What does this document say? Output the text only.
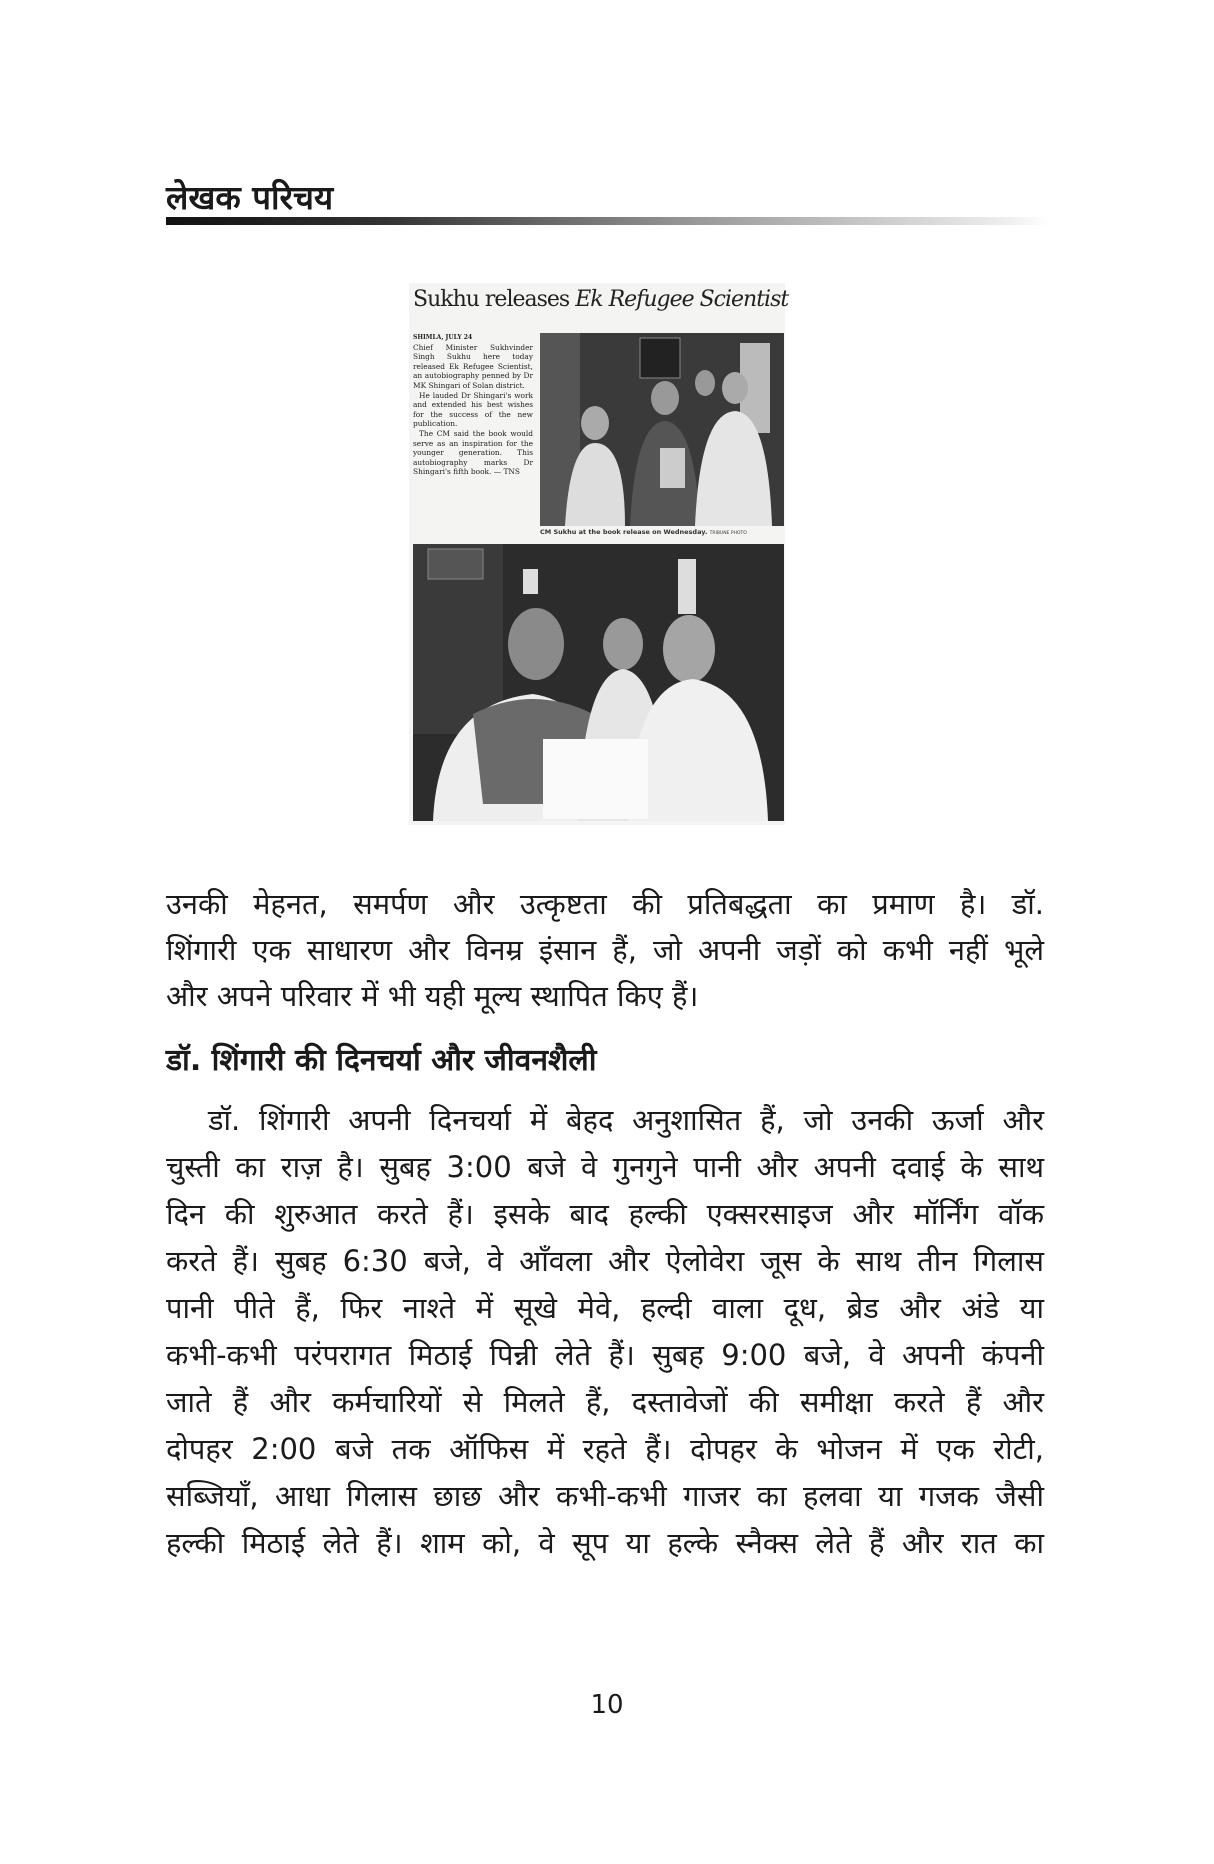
लेखक परिचय
Sukhu releases Ek Refugee Scientist
SHIMLA, JULY 24

Chief Minister Sukhvinder Singh Sukhu here today released Ek Refugee Scientist, an autobiography penned by Dr MK Shingari of Solan district.

He lauded Dr Shingari's work and extended his best wishes for the success of the new publication.

The CM said the book would serve as an inspiration for the younger generation. This autobiography marks Dr Shingari's fifth book. — TNS

CM Sukhu at the book release on Wednesday. TRIBUNE PHOTO
उनकी मेहनत, समर्पण और उत्कृष्टता की प्रतिबद्धता का प्रमाण है। डॉ.
शिंगारी एक साधारण और विनम्र इंसान हैं, जो अपनी जड़ों को कभी नहीं भूले
और अपने परिवार में भी यही मूल्य स्थापित किए हैं।
डॉ. शिंगारी की दिनचर्या और जीवनशैली
डॉ. शिंगारी अपनी दिनचर्या में बेहद अनुशासित हैं, जो उनकी ऊर्जा और
चुस्ती का राज़ है। सुबह 3:00 बजे वे गुनगुने पानी और अपनी दवाई के साथ
दिन की शुरुआत करते हैं। इसके बाद हल्की एक्सरसाइज और मॉर्निंग वॉक
करते हैं। सुबह 6:30 बजे, वे आँवला और ऐलोवेरा जूस के साथ तीन गिलास
पानी पीते हैं, फिर नाश्ते में सूखे मेवे, हल्दी वाला दूध, ब्रेड और अंडे या
कभी-कभी परंपरागत मिठाई पिन्नी लेते हैं। सुबह 9:00 बजे, वे अपनी कंपनी
जाते हैं और कर्मचारियों से मिलते हैं, दस्तावेजों की समीक्षा करते हैं और
दोपहर 2:00 बजे तक ऑफिस में रहते हैं। दोपहर के भोजन में एक रोटी,
सब्जियाँ, आधा गिलास छाछ और कभी-कभी गाजर का हलवा या गजक जैसी
हल्की मिठाई लेते हैं। शाम को, वे सूप या हल्के स्नैक्स लेते हैं और रात का
10
